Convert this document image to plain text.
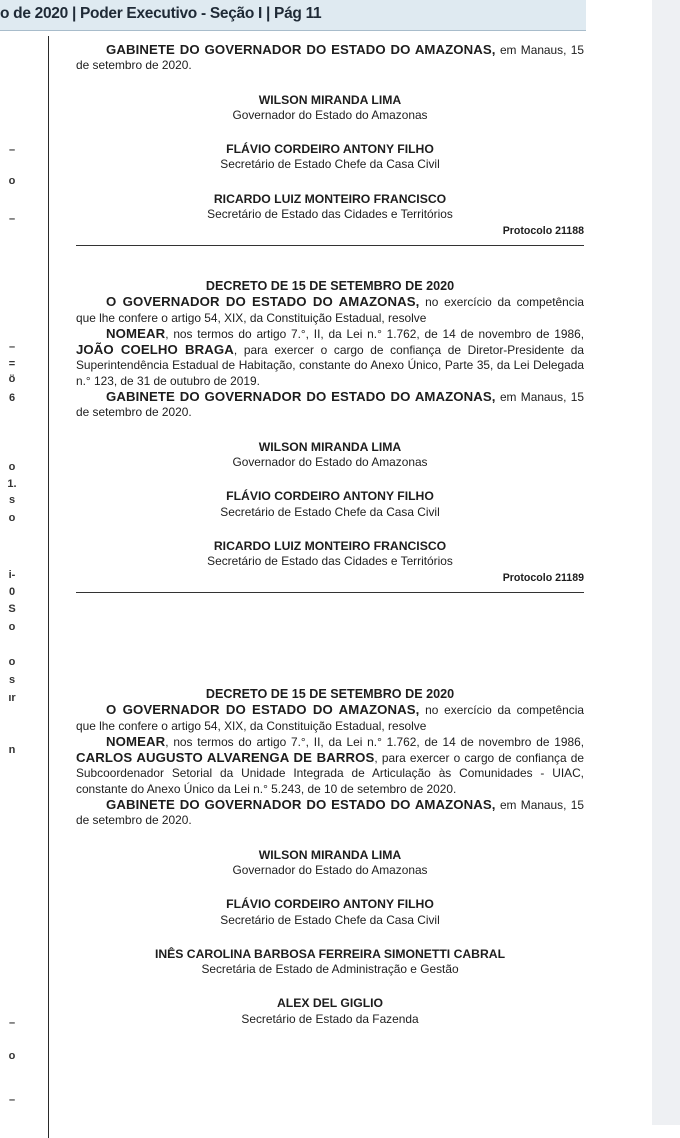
o de 2020 | Poder Executivo - Seção I | Pág 11
–
o
–
–
=
ö
6
o
1.
s
o
i-
0
S
o
o
s
ır
n
–
o
–

GABINETE DO GOVERNADOR DO ESTADO DO AMAZONAS, em Manaus, 15 de setembro de 2020.

WILSON MIRANDA LIMA
Governador do Estado do Amazonas
FLÁVIO CORDEIRO ANTONY FILHO
Secretário de Estado Chefe da Casa Civil
RICARDO LUIZ MONTEIRO FRANCISCO
Secretário de Estado das Cidades e Territórios
Protocolo 21188
DECRETO DE 15 DE SETEMBRO DE 2020

O GOVERNADOR DO ESTADO DO AMAZONAS, no exercício da competência que lhe confere o artigo 54, XIX, da Constituição Estadual, resolve

NOMEAR, nos termos do artigo 7.°, II, da Lei n.° 1.762, de 14 de novembro de 1986, JOÃO COELHO BRAGA, para exercer o cargo de confiança de Diretor-Presidente da Superintendência Estadual de Habitação, constante do Anexo Único, Parte 35, da Lei Delegada n.° 123, de 31 de outubro de 2019.

GABINETE DO GOVERNADOR DO ESTADO DO AMAZONAS, em Manaus, 15 de setembro de 2020.

WILSON MIRANDA LIMA
Governador do Estado do Amazonas
FLÁVIO CORDEIRO ANTONY FILHO
Secretário de Estado Chefe da Casa Civil
RICARDO LUIZ MONTEIRO FRANCISCO
Secretário de Estado das Cidades e Territórios
Protocolo 21189
DECRETO DE 15 DE SETEMBRO DE 2020

O GOVERNADOR DO ESTADO DO AMAZONAS, no exercício da competência que lhe confere o artigo 54, XIX, da Constituição Estadual, resolve

NOMEAR, nos termos do artigo 7.°, II, da Lei n.° 1.762, de 14 de novembro de 1986, CARLOS AUGUSTO ALVARENGA DE BARROS, para exercer o cargo de confiança de Subcoordenador Setorial da Unidade Integrada de Articulação às Comunidades - UIAC, constante do Anexo Único da Lei n.° 5.243, de 10 de setembro de 2020.

GABINETE DO GOVERNADOR DO ESTADO DO AMAZONAS, em Manaus, 15 de setembro de 2020.

WILSON MIRANDA LIMA
Governador do Estado do Amazonas
FLÁVIO CORDEIRO ANTONY FILHO
Secretário de Estado Chefe da Casa Civil
INÊS CAROLINA BARBOSA FERREIRA SIMONETTI CABRAL
Secretária de Estado de Administração e Gestão
ALEX DEL GIGLIO
Secretário de Estado da Fazenda
